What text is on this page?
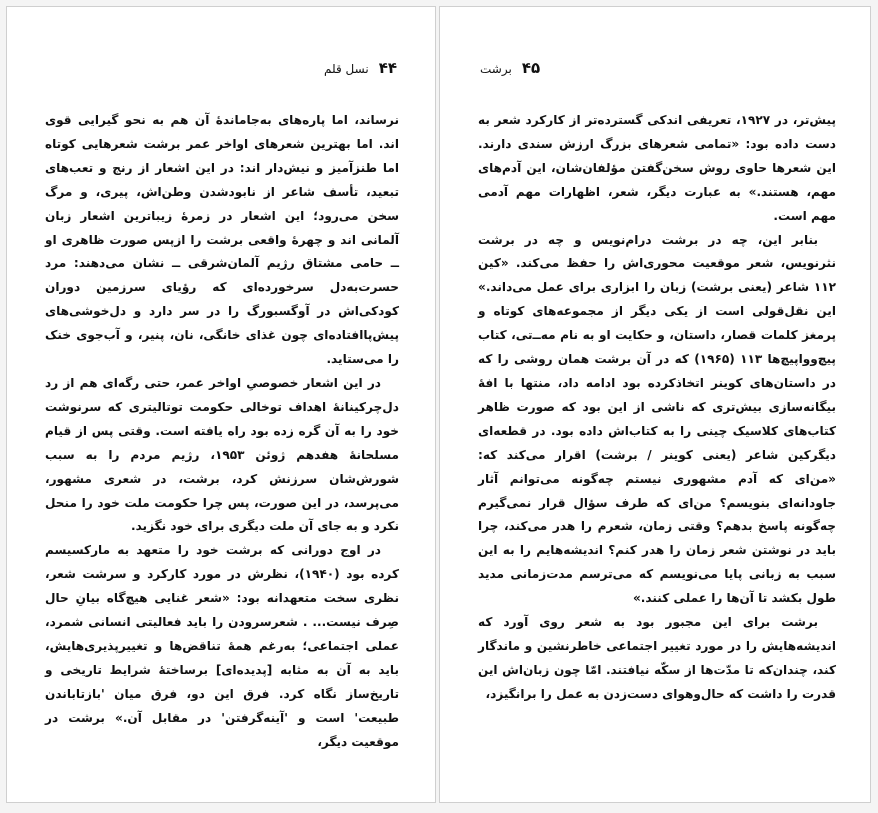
۴۴
نسل قلم

نرساند، اما پاره‌های به‌جامانده‌ٔ آن هم به نحو گیرایی قوی اند. اما بهترین شعرهای اواخر عمر برشت شعرهایی کوتاه اما طنزآمیز و نیش‌دار اند: در این اشعار از رنج و تعب‌های تبعید، تأسف شاعر از نابودشدن وطن‌اش، پیری، و مرگ سخن می‌رود؛ این اشعار در زمرهٔ زیباترین اشعار زبان آلمانی اند و چهرهٔ واقعی برشت را ازپس صورت ظاهری او ــ حامی مشتاق رژیم آلمان‌شرقی ــ نشان می‌دهند: مرد حسرت‌به‌دل سرخورده‌ای که رؤیای سرزمین دوران کودکی‌اش در آوگسبورگ را در سر دارد و دل‌خوشی‌های پیش‌پاافتاده‌ای چون غذای خانگی، نان، پنیر، و آب‌جوی خنک را می‌ستاید.

در این اشعار خصوصیِ اواخر عمر، حتی رگه‌ای هم از رد دل‌چرکینانهٔ اهداف توخالی حکومت توتالیتری که سرنوشت خود را به آن گره زده بود راه یافته است. وقتی پس از قیام مسلحانهٔ هفدهم ژوئن ۱۹۵۳، رژیم مردم را به سبب شورش‌شان سرزنش کرد، برشت، در شعری مشهور، می‌پرسد، در این صورت، پس چرا حکومت ملت خود را منحل نکرد و به جای آن ملت دیگری برای خود نگزید.

در اوج دورانی که برشت خود را متعهد به مارکسیسم کرده بود (۱۹۴۰)، نظرش در مورد کارکرد و سرشت شعر، نظری سخت متعهدانه بود: «شعر غنایی هیچ‌گاه بیانِ حال صِرف نیست... . شعرسرودن را باید فعالیتی انسانی شمرد، عملی اجتماعی؛ به‌رغم همهٔ تناقض‌ها و تغییرپذیری‌هایش، باید به آن به مثابه [پدیده‌ای] برساختهٔ شرایط تاریخی و تاریخ‌ساز نگاه کرد. فرق این دو، فرق میان 'بازتاباندن طبیعت' است و 'آینه‌گرفتن' در مقابل آن.» برشت در موقعیت دیگر،

۴۵
برشت

پیش‌تر، در ۱۹۲۷، تعریفی اندکی گسترده‌تر از کارکرد شعر به دست داده بود: «تمامی شعرهای بزرگ ارزش سندی دارند. این شعرها حاوی روش سخن‌گفتن مؤلفان‌شان، این آدم‌های مهم، هستند.» به عبارت دیگر، شعر، اظهارات مهم آدمی مهم است.

بنابر این، چه در برشت درام‌نویس و چه در برشت نثرنویس، شعر موقعیت محوری‌اش را حفظ می‌کند. «کین ۱۱۲ شاعر (یعنی برشت) زبان را ابزاری برای عمل می‌داند.» این نقل‌قولی است از یکی دیگر از مجموعه‌های کوتاه و پرمغز کلمات قصار، داستان، و حکایت او به نام مه‌ــ‌تی، کتاب پیچ‌وواپیچ‌ها ۱۱۳ (۱۹۶۵) که در آن برشت همان روشی را که در داستان‌های کوینر اتخاذکرده بود ادامه داد، منتها با افهٔ بیگانه‌سازی بیش‌تری که ناشی از این بود که صورت ظاهر کتاب‌های کلاسیک چینی را به کتاب‌اش داده بود. در قطعه‌ای دیگرکین شاعر (یعنی کوینر / برشت) اقرار می‌کند که: «من‌ای که آدم مشهوری نیستم چه‌گونه می‌توانم آثار جاودانه‌ای بنویسم؟ من‌ای که طرف سؤال قرار نمی‌گیرم چه‌گونه پاسخ بدهم؟ وقتی زمان، شعرم را هدر می‌کند، چرا باید در نوشتن شعر زمان را هدر کنم؟ اندیشه‌هایم را به این سبب به زبانی پایا می‌نویسم که می‌ترسم مدت‌زمانی مدید طول بکشد تا آن‌ها را عملی کنند.»

برشت برای این مجبور بود به شعر روی آورد که اندیشه‌هایش را در مورد تغییر اجتماعی خاطرنشین و ماندگار کند، چندان‌که تا مدّت‌ها از سکّه نیافتند. امّا چون زبان‌اش این قدرت را داشت که حال‌وهوای دست‌زدن به عمل را برانگیزد،
